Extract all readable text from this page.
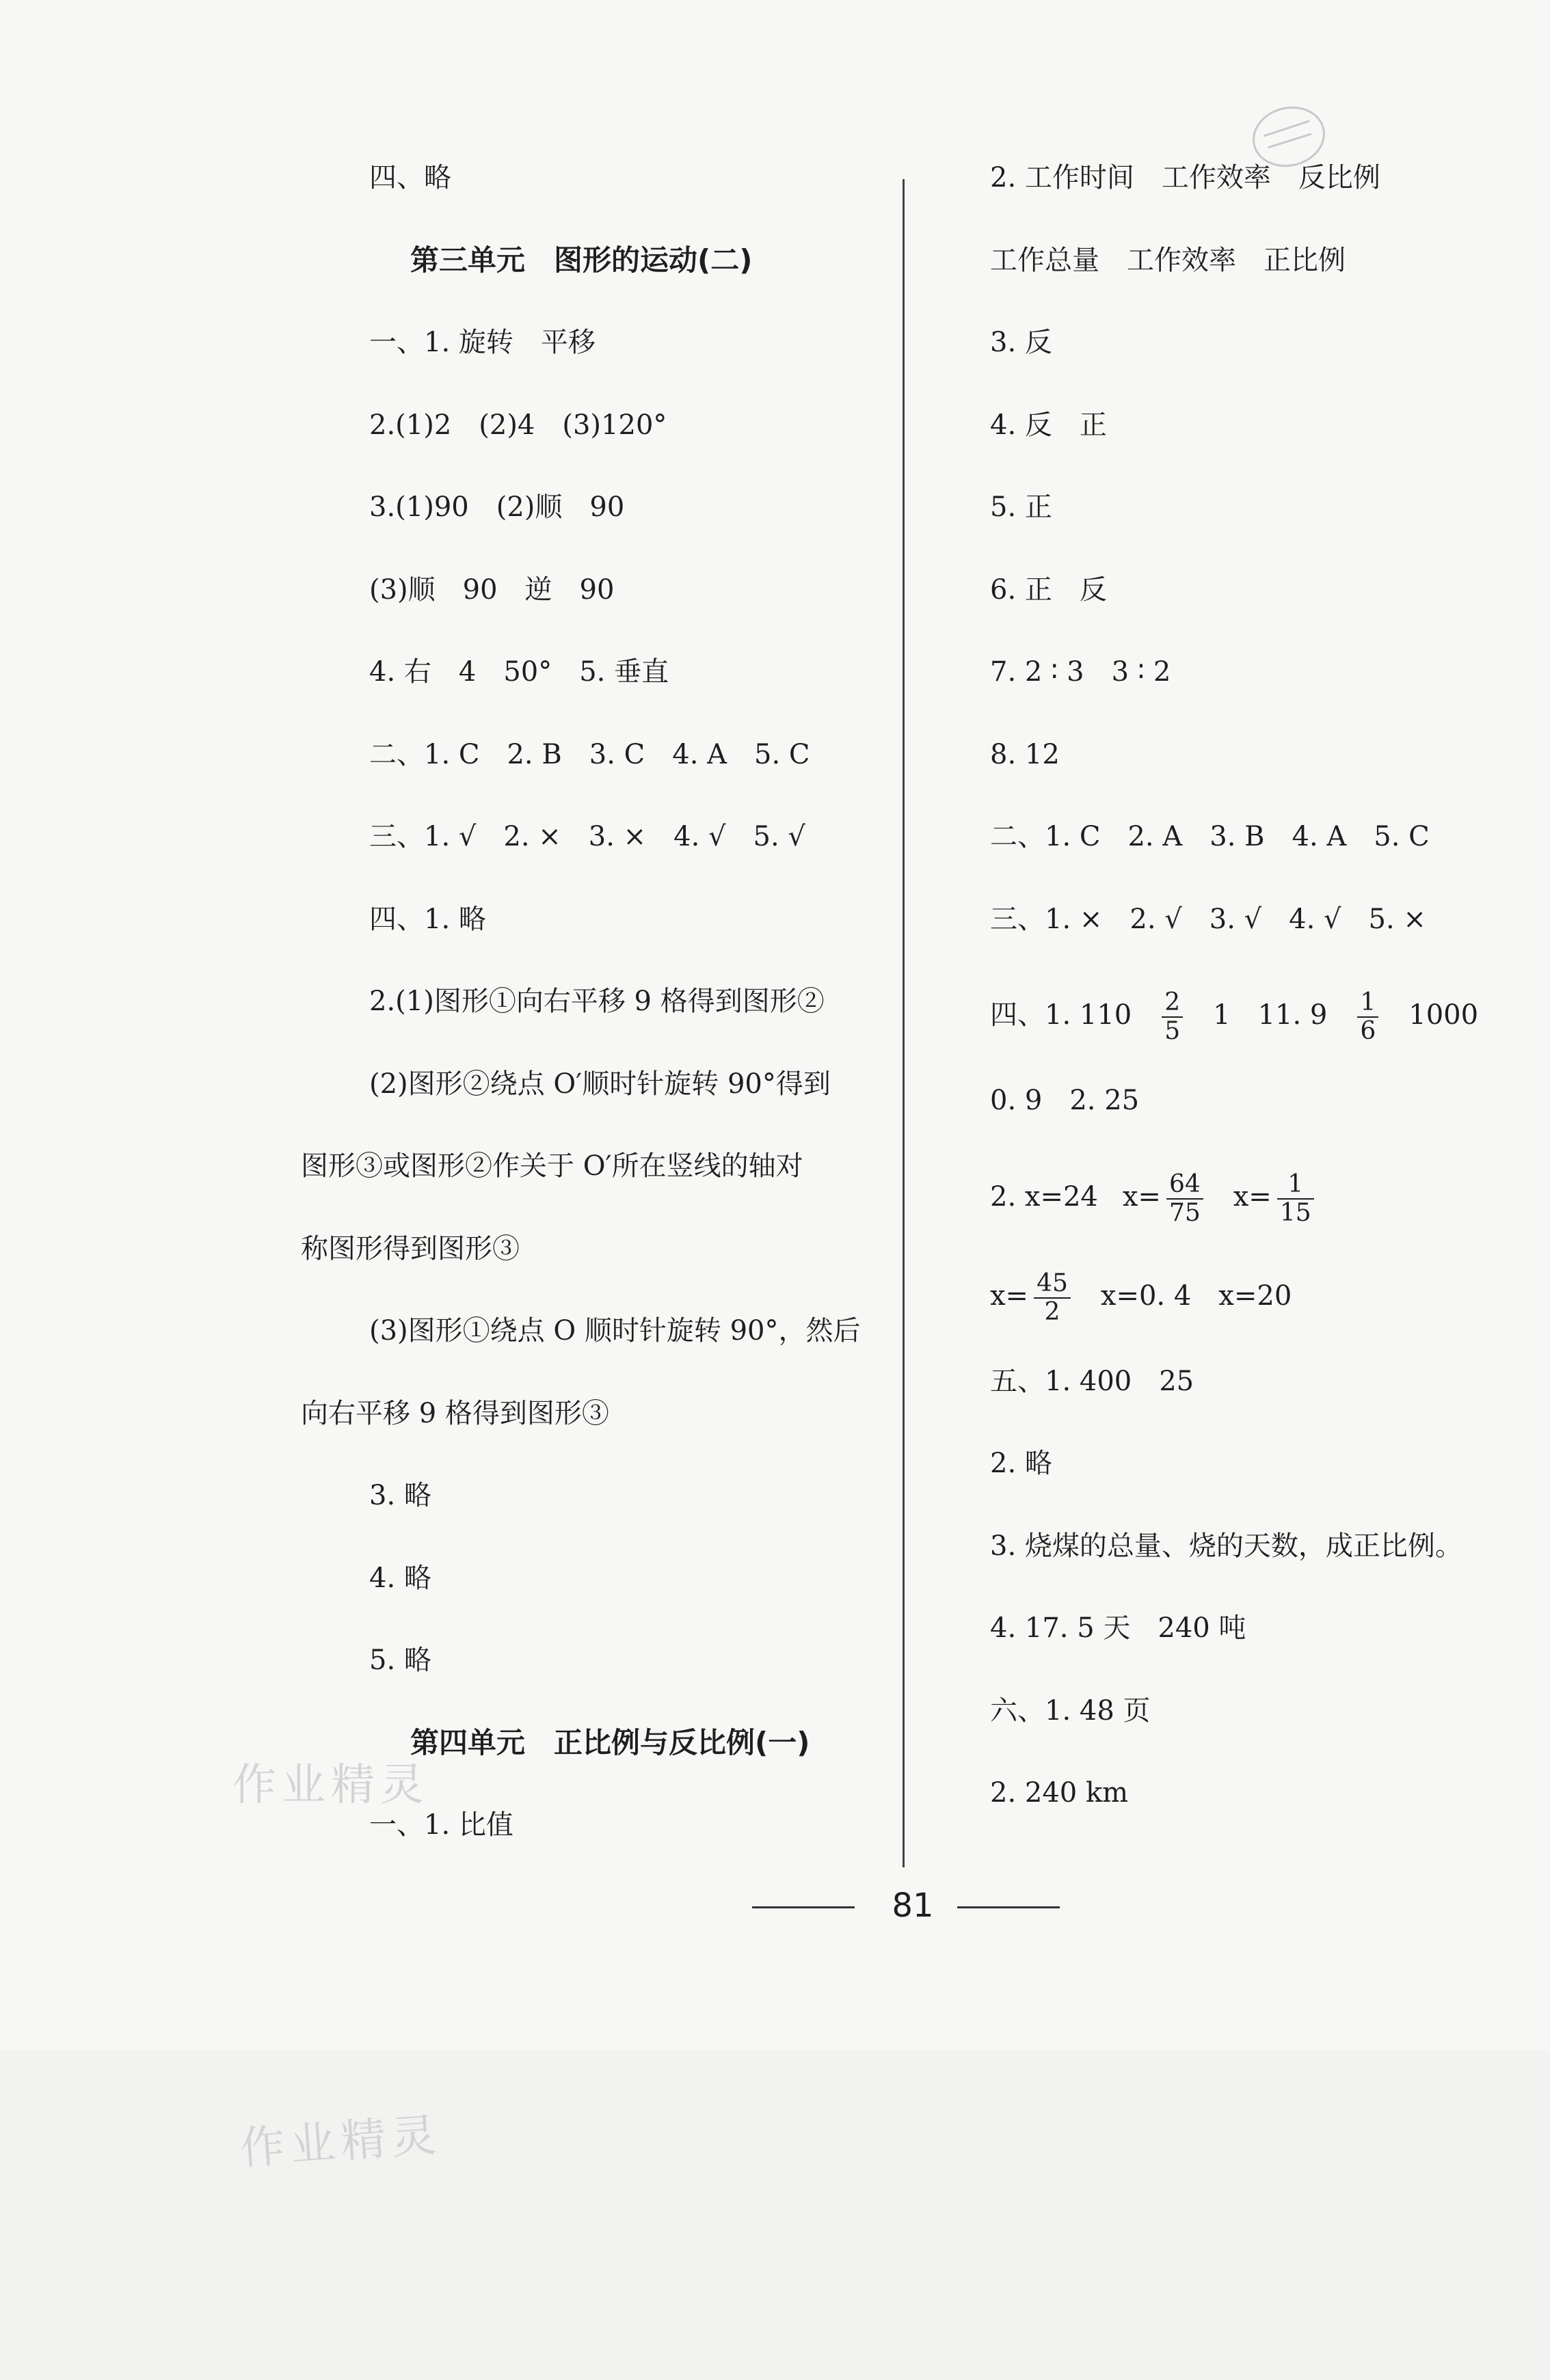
四、略
第三单元　图形的运动(二)
一、1. 旋转　平移
2.(1)2　(2)4　(3)120°
3.(1)90　(2)顺　90
(3)顺　90　逆　90
4. 右　4　50°　5. 垂直
二、1. C　2. B　3. C　4. A　5. C
三、1. √　2. ×　3. ×　4. √　5. √
四、1. 略
2.(1)图形①向右平移 9 格得到图形②
(2)图形②绕点 O′顺时针旋转 90°得到
图形③或图形②作关于 O′所在竖线的轴对
称图形得到图形③
(3)图形①绕点 O 顺时针旋转 90°，然后
向右平移 9 格得到图形③
3. 略
4. 略
5. 略
第四单元　正比例与反比例(一)
一、1. 比值
2. 工作时间　工作效率　反比例
工作总量　工作效率　正比例
3. 反
4. 反　正
5. 正
6. 正　反
7. 2 ∶ 3　3 ∶ 2
8. 12
二、1. C　2. A　3. B　4. A　5. C
三、1. ×　2. √　3. √　4. √　5. ×
四、1. $110 \frac{2}{5} 1$　11. $9 \frac{1}{6} 1000$
0. 9　2. 25
2. x=24 $x= \frac{64}{75} x= \frac{1}{15}$
$x= \frac{45}{2} x=0$. 4　x=20
五、1. 400　25
2. 略
3. 烧煤的总量、烧的天数，成正比例。
4. 17. 5 天　240 吨
六、1. 48 页
2. 240 km
81
作业精灵
作业精灵
